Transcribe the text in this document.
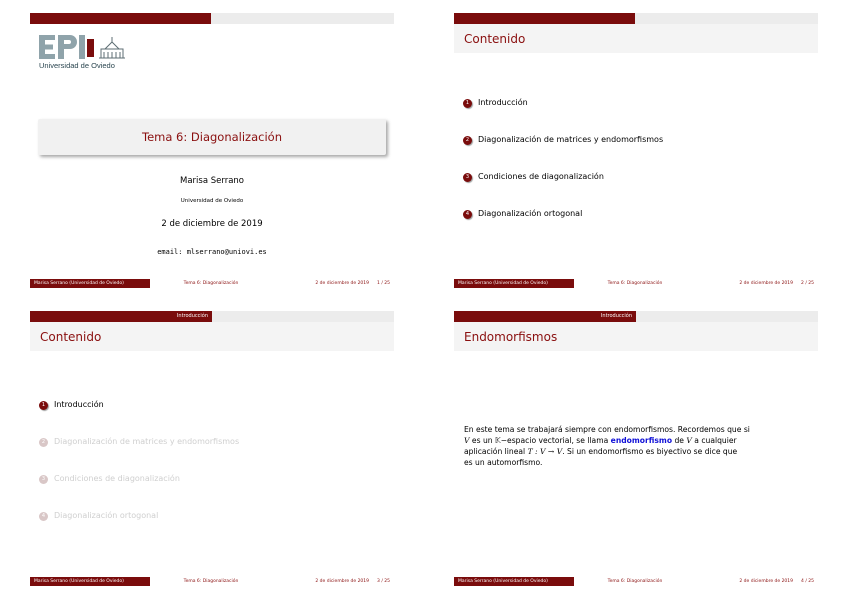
Universidad de Oviedo
Tema 6: Diagonalización
Marisa Serrano
Universidad de Oviedo
2 de diciembre de 2019
email: mlserrano@uniovi.es
Marisa Serrano (Universidad de Oviedo)	Tema 6: Diagonalización	2 de diciembre de 2019 1 / 25
Contenido
1	Introducción
2	Diagonalización de matrices y endomorfismos
3	Condiciones de diagonalización
4	Diagonalización ortogonal
Marisa Serrano (Universidad de Oviedo)	Tema 6: Diagonalización	2 de diciembre de 2019 2 / 25
Introducción
Contenido
1	Introducción
2	Diagonalización de matrices y endomorfismos
3	Condiciones de diagonalización
4	Diagonalización ortogonal
Marisa Serrano (Universidad de Oviedo)	Tema 6: Diagonalización	2 de diciembre de 2019 3 / 25
Introducción
Endomorfismos
En este tema se trabajará siempre con endomorfismos. Recordemos que si
V es un 𝕂−espacio vectorial, se llama endomorfismo de V a cualquier
aplicación lineal T : V → V. Si un endomorfismo es biyectivo se dice que
es un automorfismo.
Marisa Serrano (Universidad de Oviedo)	Tema 6: Diagonalización	2 de diciembre de 2019 4 / 25
